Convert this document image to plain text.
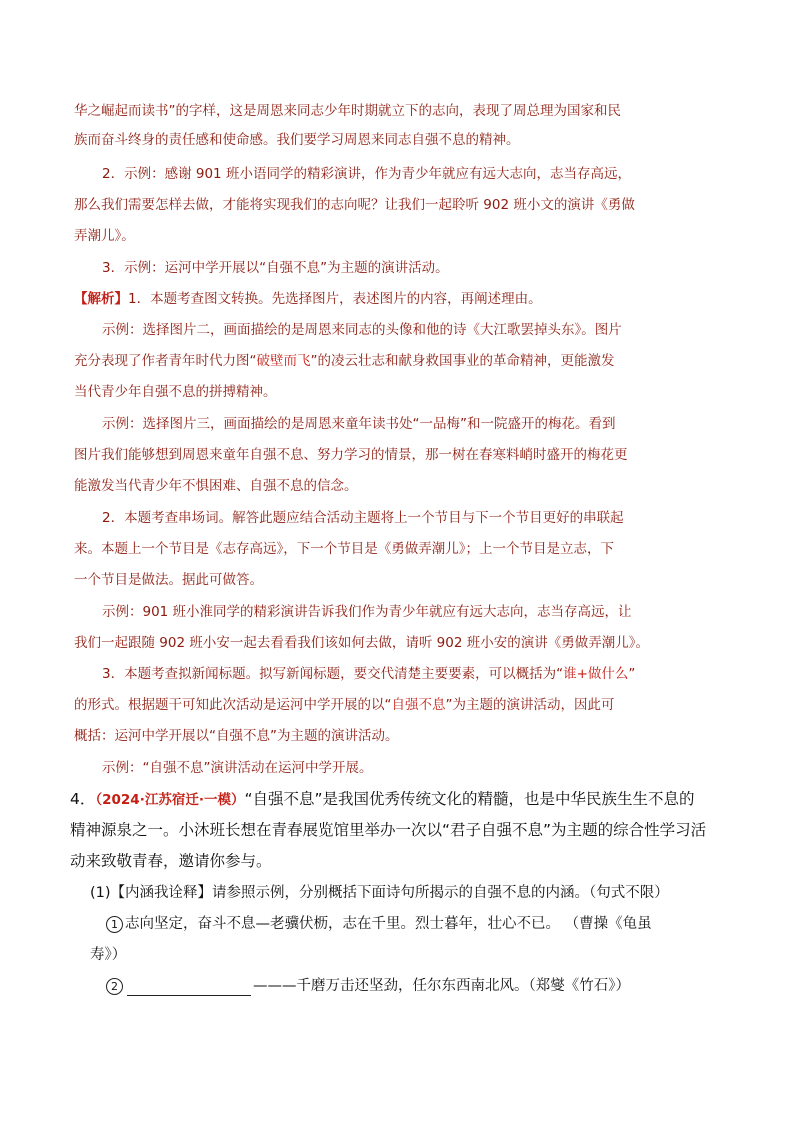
华之崛起而读书”的字样，这是周恩来同志少年时期就立下的志向，表现了周总理为国家和民
族而奋斗终身的责任感和使命感。我们要学习周恩来同志自强不息的精神。
2．示例：感谢 901 班小语同学的精彩演讲，作为青少年就应有远大志向，志当存高远，
那么我们需要怎样去做，才能将实现我们的志向呢？让我们一起聆听 902 班小文的演讲《勇做
弄潮儿》。
3．示例：运河中学开展以“自强不息”为主题的演讲活动。
【解析】1．本题考查图文转换。先选择图片，表述图片的内容，再阐述理由。
示例：选择图片二，画面描绘的是周恩来同志的头像和他的诗《大江歌罢掉头东》。图片
充分表现了作者青年时代力图“破壁而飞”的凌云壮志和献身救国事业的革命精神，更能激发
当代青少年自强不息的拼搏精神。
示例：选择图片三，画面描绘的是周恩来童年读书处“一品梅”和一院盛开的梅花。看到
图片我们能够想到周恩来童年自强不息、努力学习的情景，那一树在春寒料峭时盛开的梅花更
能激发当代青少年不惧困难、自强不息的信念。
2．本题考查串场词。解答此题应结合活动主题将上一个节目与下一个节目更好的串联起
来。本题上一个节目是《志存高远》，下一个节目是《勇做弄潮儿》；上一个节目是立志，下
一个节目是做法。据此可做答。
示例：901 班小淮同学的精彩演讲告诉我们作为青少年就应有远大志向，志当存高远，让
我们一起跟随 902 班小安一起去看看我们该如何去做，请听 902 班小安的演讲《勇做弄潮儿》。
3．本题考查拟新闻标题。拟写新闻标题，要交代清楚主要要素，可以概括为“谁+做什么”
的形式。根据题干可知此次活动是运河中学开展的以“自强不息”为主题的演讲活动，因此可
概括：运河中学开展以“自强不息”为主题的演讲活动。
示例：“自强不息”演讲活动在运河中学开展。
4．（2024·江苏宿迁·一模）“自强不息”是我国优秀传统文化的精髓，也是中华民族生生不息的
精神源泉之一。小沐班长想在青春展览馆里举办一次以“君子自强不息”为主题的综合性学习活
动来致敬青春，邀请你参与。
(1)【内涵我诠释】请参照示例，分别概括下面诗句所揭示的自强不息的内涵。（句式不限）
1 志向坚定，奋斗不息—老骥伏枥，志在千里。烈士暮年，壮心不已。 （曹操《龟虽
寿》）
2	———千磨万击还坚劲，任尔东西南北风。（郑燮《竹石》）
